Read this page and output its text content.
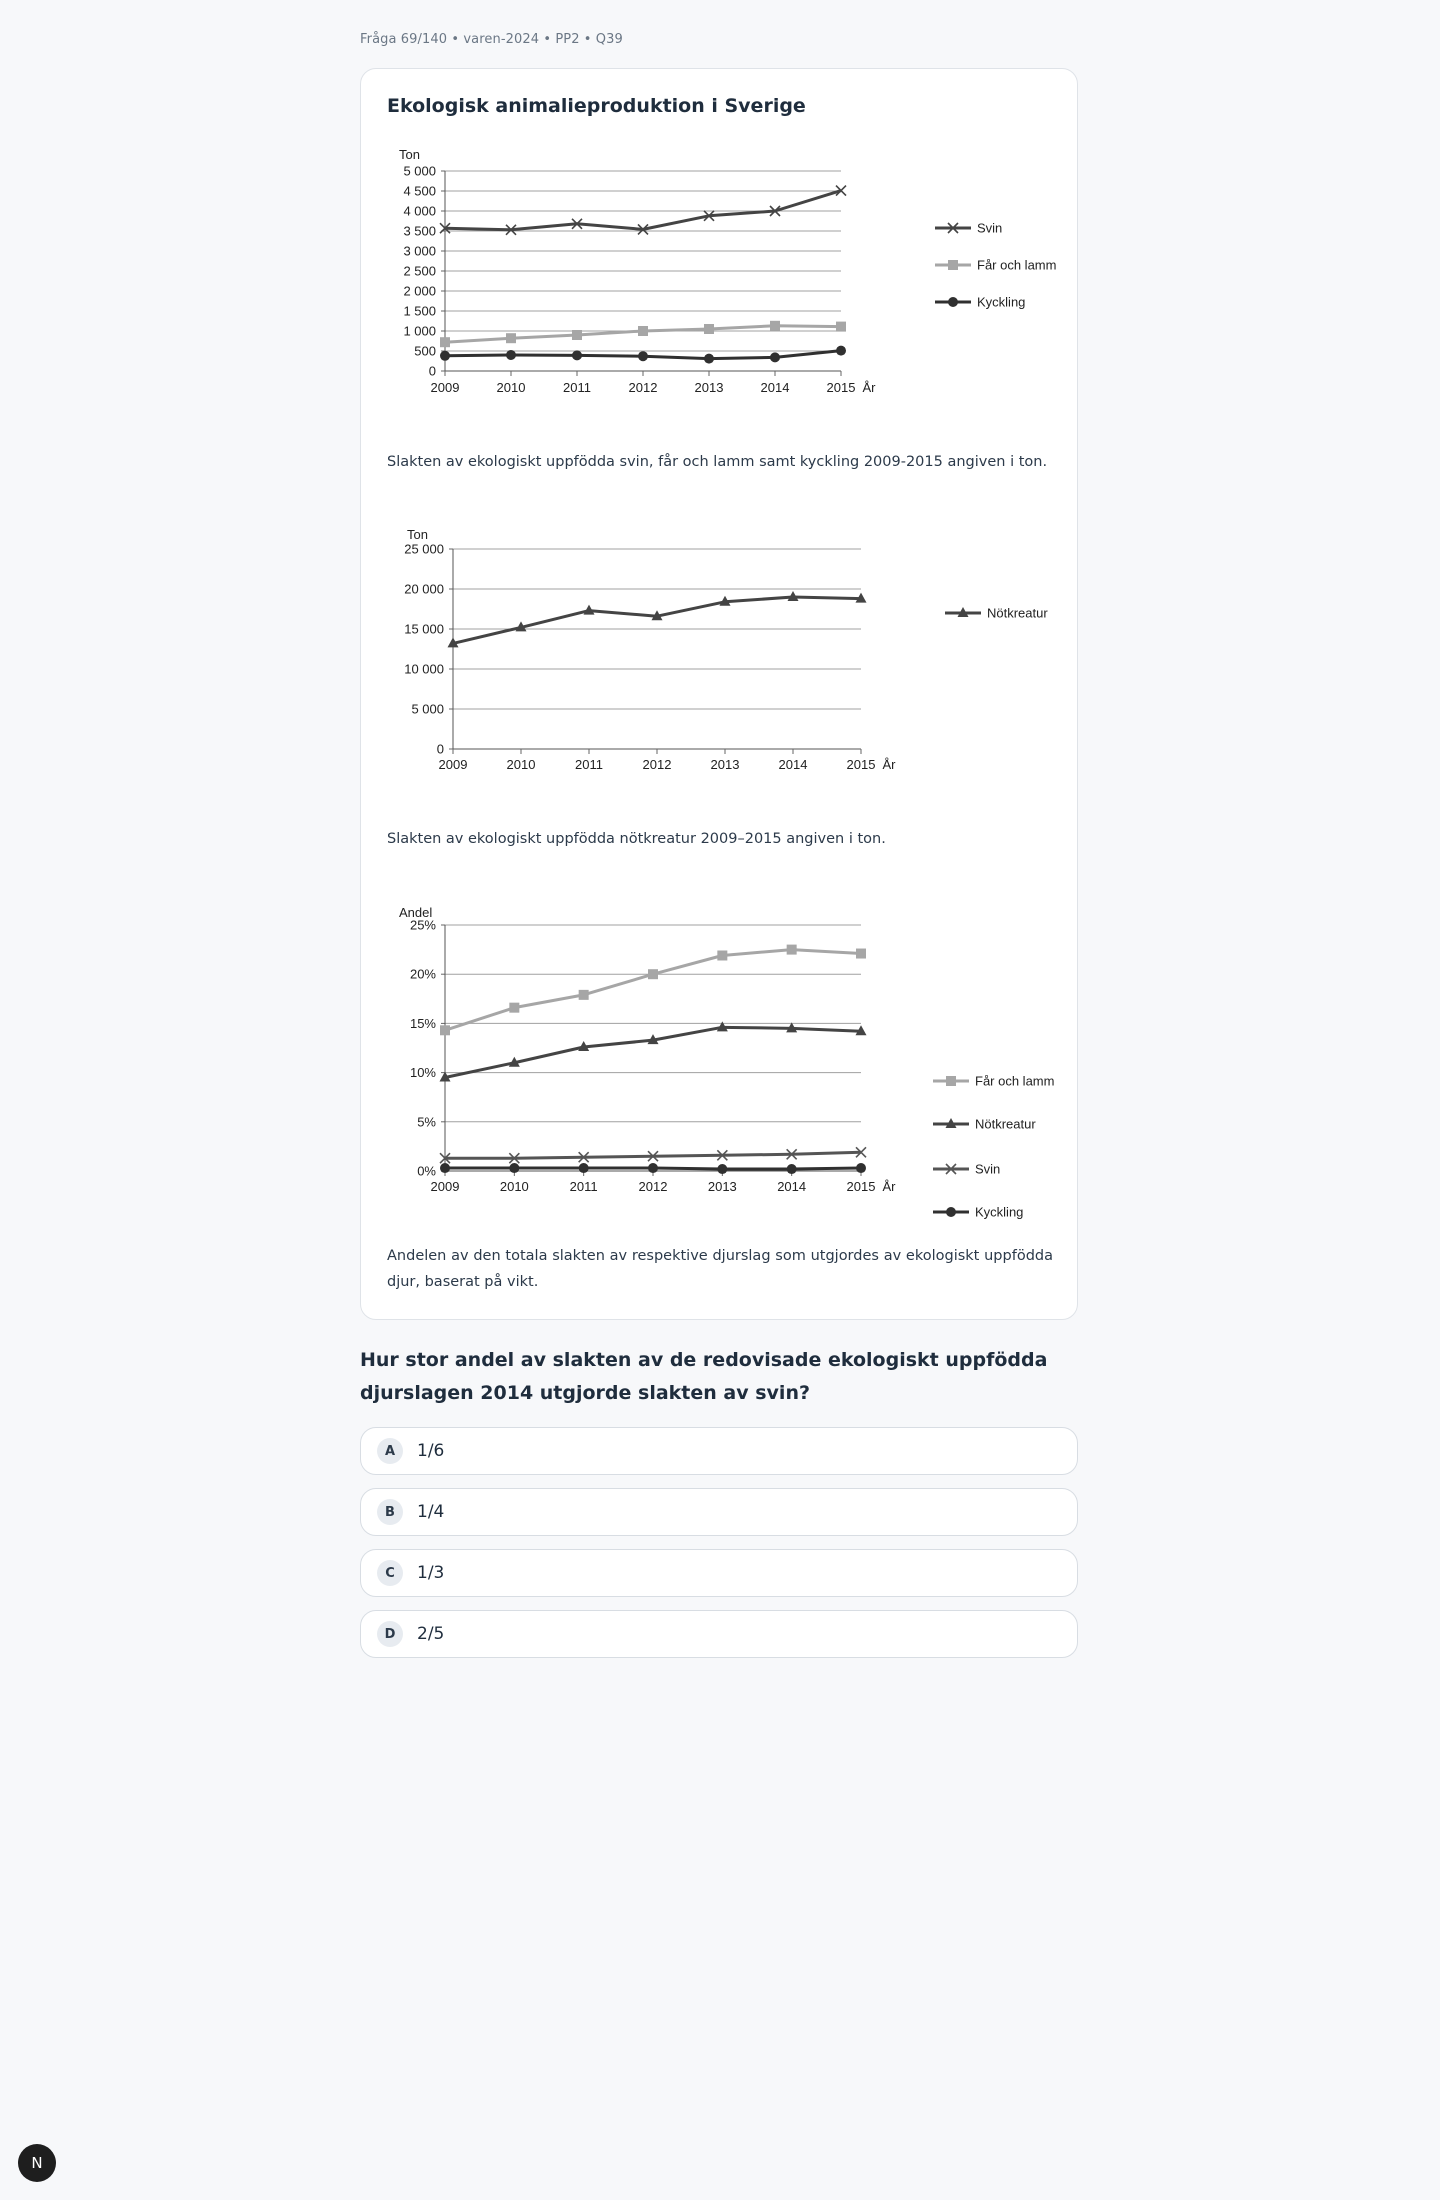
Fråga 69/140 • varen-2024 • PP2 • Q39
Ekologisk animalieproduktion i Sverige
Ton
0
500
1 000
1 500
2 000
2 500
3 000
3 500
4 000
4 500
5 000
2009	2010	2011	2012	2013	2014	2015 År
Svin
Får och lamm
Kyckling
Slakten av ekologiskt uppfödda svin, får och lamm samt kyckling 2009-2015 angiven i ton.
Ton
0
5 000
10 000
15 000
20 000
25 000
2009	2010	2011	2012	2013	2014	2015 År
Nötkreatur
Slakten av ekologiskt uppfödda nötkreatur 2009–2015 angiven i ton.
Andel
0%
5%
10%
15%
20%
25%
2009	2010	2011	2012	2013	2014	2015 År
Får och lamm
Nötkreatur
Svin
Kyckling
Andelen av den totala slakten av respektive djurslag som utgjordes av ekologiskt uppfödda djur, baserat på vikt.
Hur stor andel av slakten av de redovisade ekologiskt uppfödda djurslagen 2014 utgjorde slakten av svin?
A	1/6
B	1/4
C	1/3
D	2/5
N
